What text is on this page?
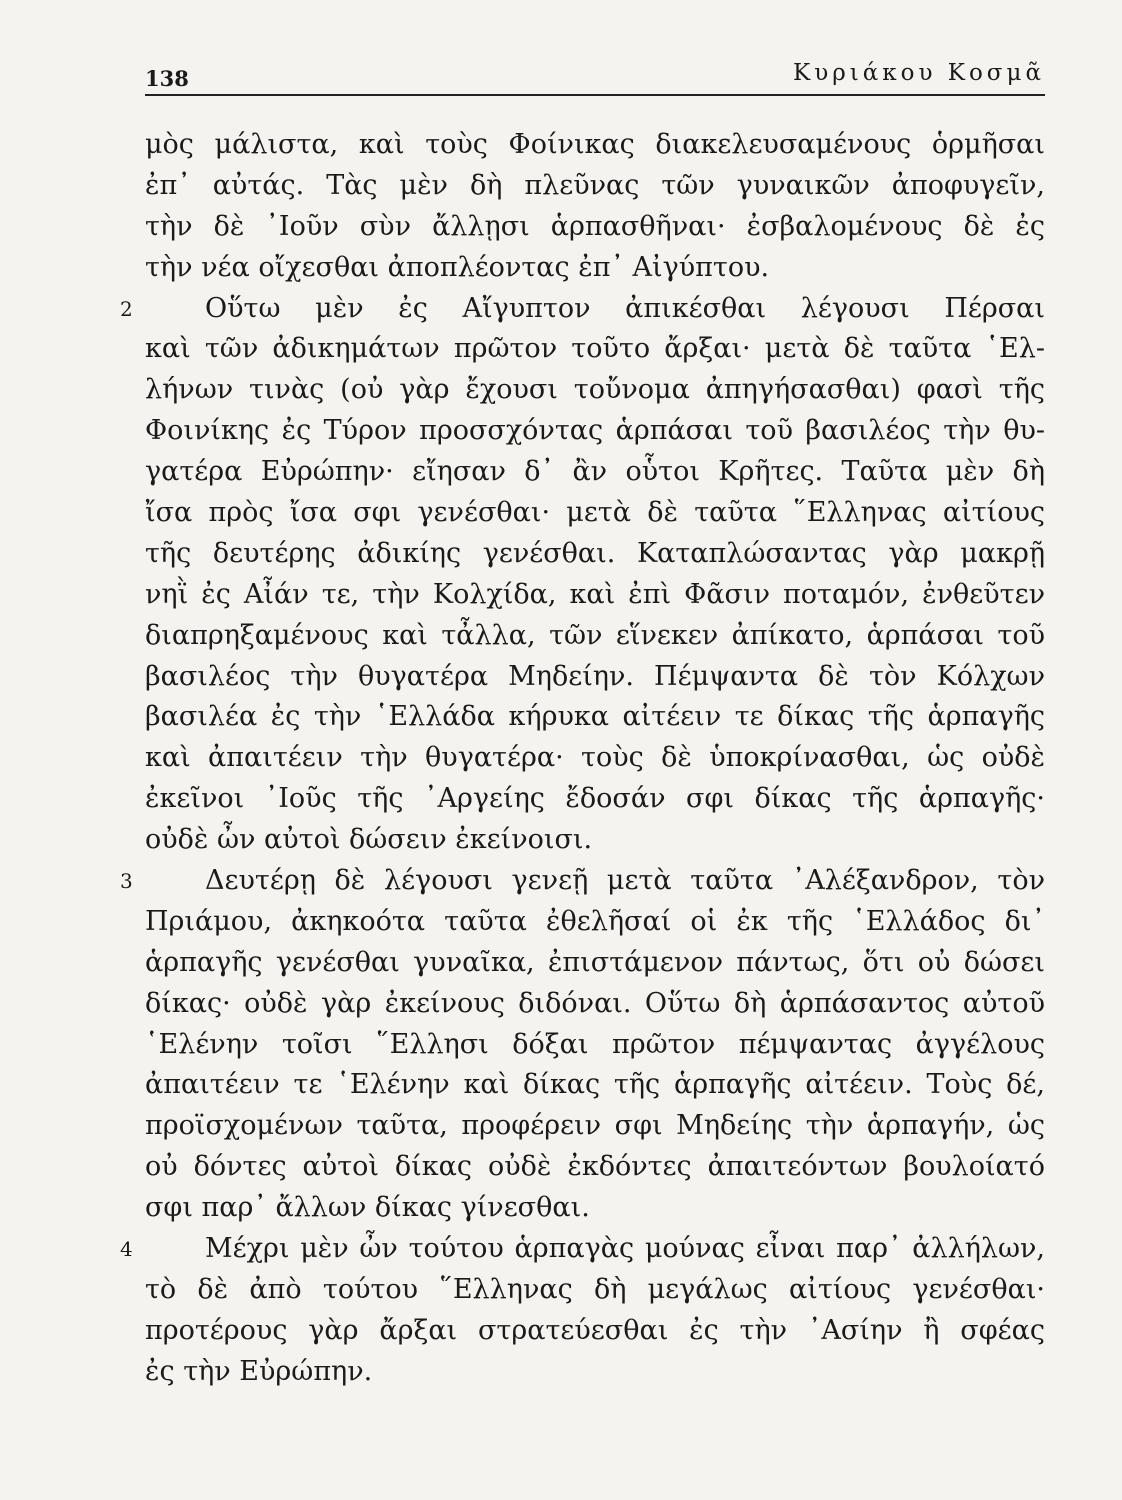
138	Κυριάκου Κοσμᾶ
μὸς μάλιστα, καὶ τοὺς Φοίνικας διακελευσαμένους ὁρμῆσαι
ἐπ᾽ αὐτάς. Τὰς μὲν δὴ πλεῦνας τῶν γυναικῶν ἀποφυγεῖν,
τὴν δὲ ᾽Ιοῦν σὺν ἄλλῃσι ἁρπασθῆναι· ἐσβαλομένους δὲ ἐς
τὴν νέα οἴχεσθαι ἀποπλέοντας ἐπ᾽ Αἰγύπτου.
2	Οὕτω μὲν ἐς Αἴγυπτον ἀπικέσθαι λέγουσι Πέρσαι
καὶ τῶν ἀδικημάτων πρῶτον τοῦτο ἄρξαι· μετὰ δὲ ταῦτα ῾Ελ-
λήνων τινὰς (οὐ γὰρ ἔχουσι τοὔνομα ἀπηγήσασθαι) φασὶ τῆς
Φοινίκης ἐς Τύρον προσσχόντας ἁρπάσαι τοῦ βασιλέος τὴν θυ-
γατέρα Εὐρώπην· εἴησαν δ᾽ ἂν οὗτοι Κρῆτες. Ταῦτα μὲν δὴ
ἴσα πρὸς ἴσα σφι γενέσθαι· μετὰ δὲ ταῦτα ῞Ελληνας αἰτίους
τῆς δευτέρης ἀδικίης γενέσθαι. Καταπλώσαντας γὰρ μακρῇ
νηῒ ἐς Αἶάν τε, τὴν Κολχίδα, καὶ ἐπὶ Φᾶσιν ποταμόν, ἐνθεῦτεν
διαπρηξαμένους καὶ τἆλλα, τῶν εἵνεκεν ἀπίκατο, ἁρπάσαι τοῦ
βασιλέος τὴν θυγατέρα Μηδείην. Πέμψαντα δὲ τὸν Κόλχων
βασιλέα ἐς τὴν ῾Ελλάδα κήρυκα αἰτέειν τε δίκας τῆς ἁρπαγῆς
καὶ ἀπαιτέειν τὴν θυγατέρα· τοὺς δὲ ὑποκρίνασθαι, ὡς οὐδὲ
ἐκεῖνοι ᾽Ιοῦς τῆς ᾽Αργείης ἔδοσάν σφι δίκας τῆς ἁρπαγῆς·
οὐδὲ ὦν αὐτοὶ δώσειν ἐκείνοισι.
3	Δευτέρῃ δὲ λέγουσι γενεῇ μετὰ ταῦτα ᾽Αλέξανδρον, τὸν
Πριάμου, ἀκηκοότα ταῦτα ἐθελῆσαί οἱ ἐκ τῆς ῾Ελλάδος δι᾽
ἁρπαγῆς γενέσθαι γυναῖκα, ἐπιστάμενον πάντως, ὅτι οὐ δώσει
δίκας· οὐδὲ γὰρ ἐκείνους διδόναι. Οὕτω δὴ ἁρπάσαντος αὐτοῦ
῾Ελένην τοῖσι ῞Ελλησι δόξαι πρῶτον πέμψαντας ἀγγέλους
ἀπαιτέειν τε ῾Ελένην καὶ δίκας τῆς ἁρπαγῆς αἰτέειν. Τοὺς δέ,
προϊσχομένων ταῦτα, προφέρειν σφι Μηδείης τὴν ἁρπαγήν, ὡς
οὐ δόντες αὐτοὶ δίκας οὐδὲ ἐκδόντες ἀπαιτεόντων βουλοίατό
σφι παρ᾽ ἄλλων δίκας γίνεσθαι.
4	Μέχρι μὲν ὦν τούτου ἁρπαγὰς μούνας εἶναι παρ᾽ ἀλλήλων,
τὸ δὲ ἀπὸ τούτου ῞Ελληνας δὴ μεγάλως αἰτίους γενέσθαι·
προτέρους γὰρ ἄρξαι στρατεύεσθαι ἐς τὴν ᾽Ασίην ἢ σφέας
ἐς τὴν Εὐρώπην.
